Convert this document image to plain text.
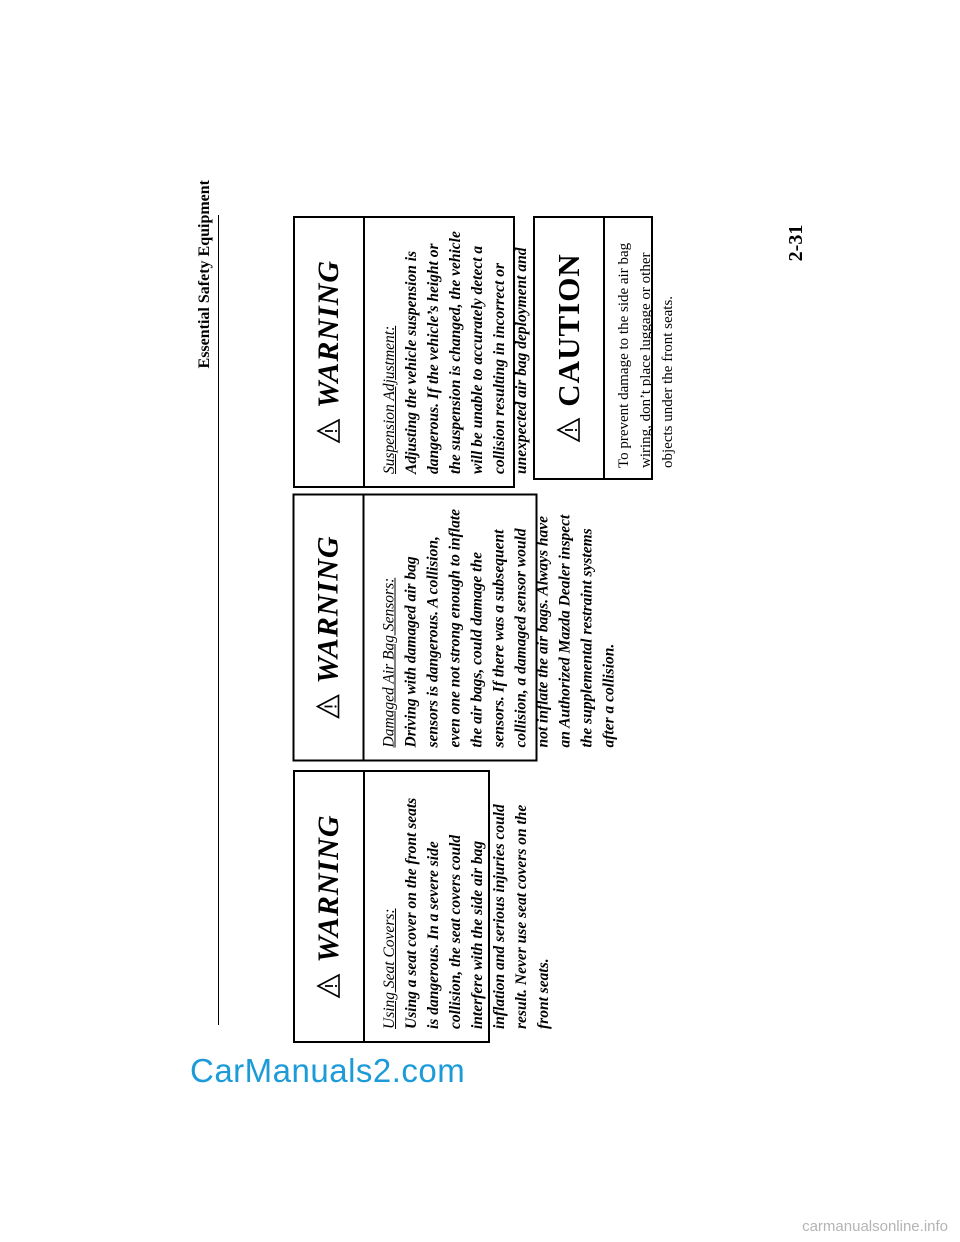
Essential Safety Equipment	2-31
WARNING
Using Seat Covers: Using a seat cover on the front seats is dangerous. In a severe side collision, the seat covers could interfere with the side air bag inflation and serious injuries could result. Never use seat covers on the front seats.
WARNING Damaged Air Bag Sensors: Driving with damaged air bag sensors is dangerous. A collision, even one not strong enough to inflate the air bags, could damage the sensors. If there was a subsequent collision, a damaged sensor would not inflate the air bags. Always have an Authorized Mazda Dealer inspect the supplemental restraint systems after a collision.
WARNING Suspension Adjustment: Adjusting the vehicle suspension is dangerous. If the vehicle’s height or the suspension is changed, the vehicle will be unable to accurately detect a collision resulting in incorrect or unexpected air bag deployment and CAUTION To prevent damage to the side air bag wiring, don’t place luggage or other objects under the front seats.
CarManuals2.com
carmanualsonline.info
